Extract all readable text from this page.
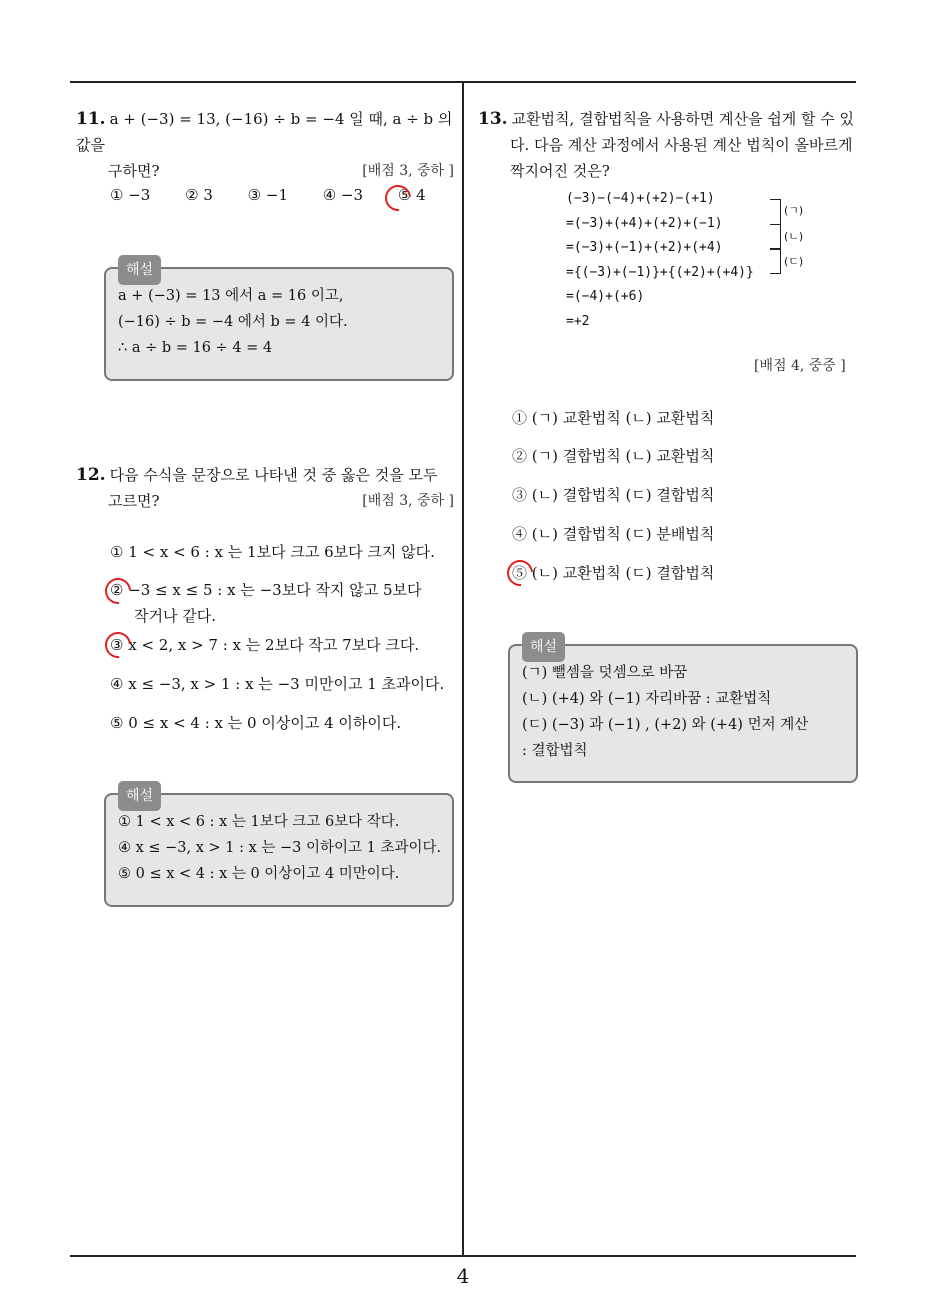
4
11. a + (−3) = 13, (−16) ÷ b = −4 일 때, a ÷ b 의 값을
구하면?	[배점 3, 중하 ]
① −3 ② 3 ③ −1 ④ −3 ⑤ 4
해설
a + (−3) = 13 에서 a = 16 이고,
(−16) ÷ b = −4 에서 b = 4 이다.
∴ a ÷ b = 16 ÷ 4 = 4
12. 다음 수식을 문장으로 나타낸 것 중 옳은 것을 모두
고르면?	[배점 3, 중하 ]
① 1 < x < 6 : x 는 1보다 크고 6보다 크지 않다.
② −3 ≤ x ≤ 5 : x 는 −3보다 작지 않고 5보다
작거나 같다.
③ x < 2, x > 7 : x 는 2보다 작고 7보다 크다.
④ x ≤ −3, x > 1 : x 는 −3 미만이고 1 초과이다.
⑤ 0 ≤ x < 4 : x 는 0 이상이고 4 이하이다.
해설
① 1 < x < 6 : x 는 1보다 크고 6보다 작다.
④ x ≤ −3, x > 1 : x 는 −3 이하이고 1 초과이다.
⑤ 0 ≤ x < 4 : x 는 0 이상이고 4 미만이다.
13. 교환법칙, 결합법칙을 사용하면 계산을 쉽게 할 수 있
다. 다음 계산 과정에서 사용된 계산 법칙이 올바르게
짝지어진 것은?
(−3)−(−4)+(+2)−(+1)
=(−3)+(+4)+(+2)+(−1)
=(−3)+(−1)+(+2)+(+4)
={(−3)+(−1)}+{(+2)+(+4)}
=(−4)+(+6)
=+2
(ㄱ)
(ㄴ)
(ㄷ)
[배점 4, 중중 ]
① (ㄱ) 교환법칙 (ㄴ) 교환법칙
② (ㄱ) 결합법칙 (ㄴ) 교환법칙
③ (ㄴ) 결합법칙 (ㄷ) 결합법칙
④ (ㄴ) 결합법칙 (ㄷ) 분배법칙
⑤ (ㄴ) 교환법칙 (ㄷ) 결합법칙
해설
(ㄱ) 뺄셈을 덧셈으로 바꿈
(ㄴ) (+4) 와 (−1) 자리바꿈 : 교환법칙
(ㄷ) (−3) 과 (−1) , (+2) 와 (+4) 먼저 계산
: 결합법칙
